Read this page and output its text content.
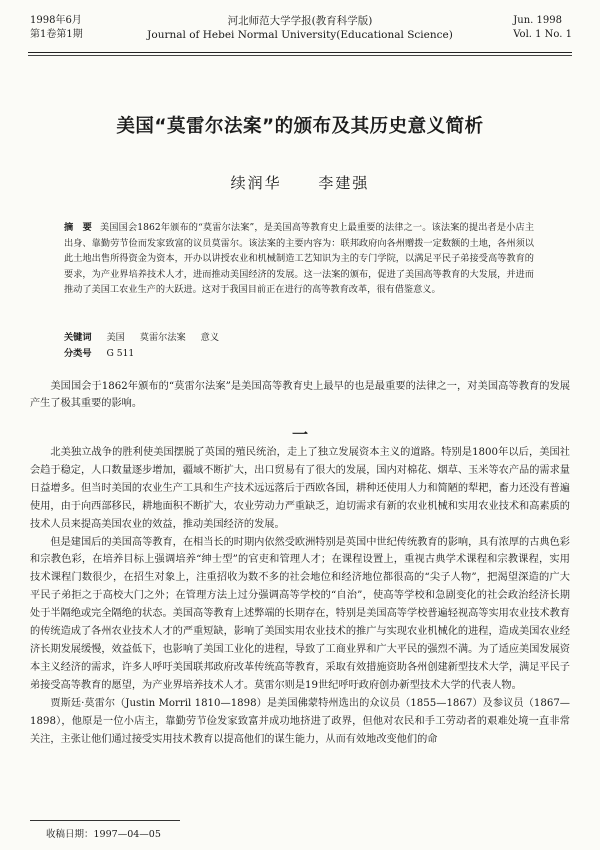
1998年6月
第1卷第1期
河北师范大学学报(教育科学版)
Journal of Hebei Normal University(Educational Science)
Jun. 1998
Vol. 1 No. 1
美国“莫雷尔法案”的颁布及其历史意义简析
续润华 李建强
摘　要 美国国会1862年颁布的“莫雷尔法案”，是美国高等教育史上最重要的法律之一。该法案的提出者是小店主出身、靠勤劳节俭而发家致富的议员莫雷尔。该法案的主要内容为：联邦政府向各州赠拨一定数额的土地，各州须以此土地出售所得资金为资本，开办以讲授农业和机械制造工艺知识为主的专门学院，以满足平民子弟接受高等教育的要求，为产业界培养技术人才，进而推动美国经济的发展。这一法案的颁布，促进了美国高等教育的大发展，并进而推动了美国工农业生产的大跃进。这对于我国目前正在进行的高等教育改革，很有借鉴意义。
关键词 美国 莫雷尔法案 意义
分类号 G 511
美国国会于1862年颁布的“莫雷尔法案”是美国高等教育史上最早的也是最重要的法律之一，对美国高等教育的发展产生了极其重要的影响。
一

北美独立战争的胜利使美国摆脱了英国的殖民统治，走上了独立发展资本主义的道路。特别是1800年以后，美国社会趋于稳定，人口数量逐步增加，疆域不断扩大，出口贸易有了很大的发展，国内对棉花、烟草、玉米等农产品的需求量日益增多。但当时美国的农业生产工具和生产技术远远落后于西欧各国，耕种还使用人力和简陋的犁耙，畜力还没有普遍使用，由于向西部移民，耕地面积不断扩大，农业劳动力严重缺乏，迫切需求有新的农业机械和实用农业技术和高素质的技术人员来提高美国农业的效益，推动美国经济的发展。

但是建国后的美国高等教育，在相当长的时期内依然受欧洲特别是英国中世纪传统教育的影响，具有浓厚的古典色彩和宗教色彩，在培养目标上强调培养“绅士型”的官吏和管理人才；在课程设置上，重视古典学术课程和宗教课程，实用技术课程门数很少，在招生对象上，注重招收为数不多的社会地位和经济地位都很高的“尖子人物”，把渴望深造的广大平民子弟拒之于高校大门之外；在管理方法上过分强调高等学校的“自治”，使高等学校和急剧变化的社会政治经济长期处于半隔绝或完全隔绝的状态。美国高等教育上述弊端的长期存在，特别是美国高等学校普遍轻视高等实用农业技术教育的传统造成了各州农业技术人才的严重短缺，影响了美国实用农业技术的推广与实现农业机械化的进程，造成美国农业经济长期发展缓慢，效益低下，也影响了美国工业化的进程，导致了工商业界和广大平民的强烈不满。为了适应美国发展资本主义经济的需求，许多人呼吁美国联邦政府改革传统高等教育，采取有效措施资助各州创建新型技术大学，满足平民子弟接受高等教育的愿望，为产业界培养技术人才。莫雷尔则是19世纪呼吁政府创办新型技术大学的代表人物。

贾斯廷·莫雷尔（Justin Morril 1810—1898）是美国佛蒙特州选出的众议员（1855—1867）及参议员（1867—1898），他原是一位小店主，靠勤劳节俭发家致富并成功地挤进了政界，但他对农民和手工劳动者的艰难处境一直非常关注，主张让他们通过接受实用技术教育以提高他们的谋生能力，从而有效地改变他们的命

收稿日期：1997—04—05
